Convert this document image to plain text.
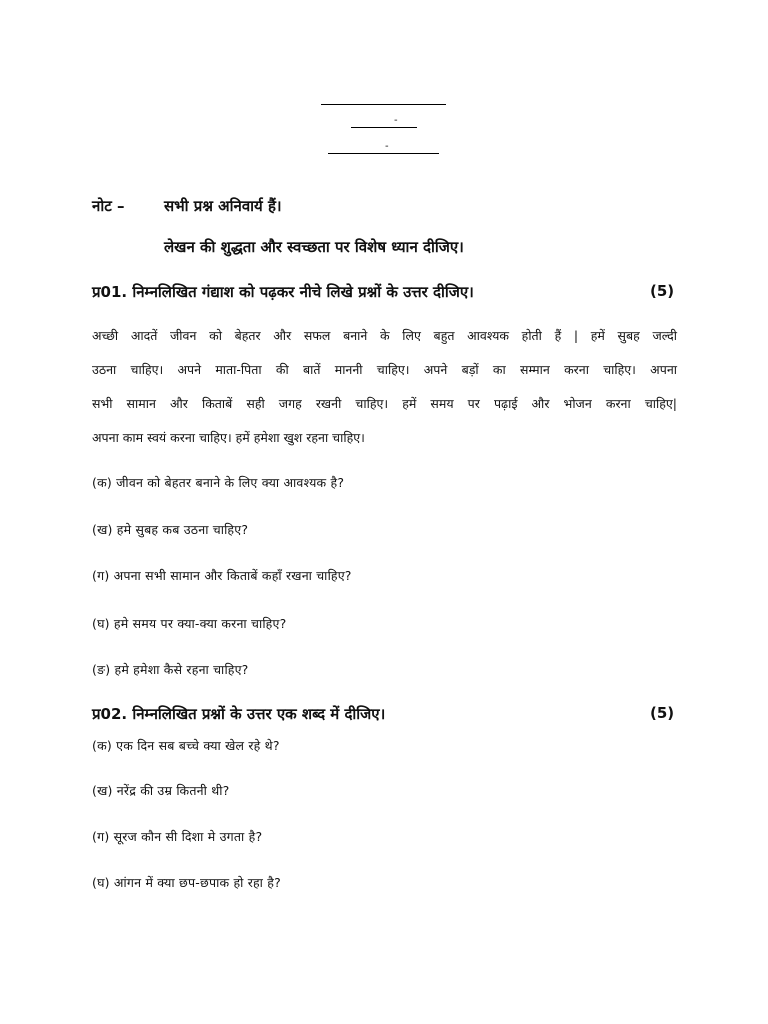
-
-
नोट –	सभी प्रश्न अनिवार्य हैं।
लेखन की शुद्धता और स्वच्छता पर विशेष ध्यान दीजिए।
प्र01. निम्नलिखित गंद्याश को पढ़कर नीचे लिखे प्रश्नों के उत्तर दीजिए।	(5)
अच्छी आदतें जीवन को बेहतर और सफल बनाने के लिए बहुत आवश्यक होती हैं | हमें सुबह जल्दी
उठना चाहिए। अपने माता-पिता की बातें माननी चाहिए। अपने बड़ों का सम्मान करना चाहिए। अपना
सभी सामान और किताबें सही जगह रखनी चाहिए। हमें समय पर पढ़ाई और भोजन करना चाहिए|
अपना काम स्वयं करना चाहिए। हमें हमेशा खुश रहना चाहिए।
(क) जीवन को बेहतर बनाने के लिए क्या आवश्यक है?
(ख) हमे सुबह कब उठना चाहिए?
(ग) अपना सभी सामान और किताबें कहाँ रखना चाहिए?
(घ) हमे समय पर क्या-क्या करना चाहिए?
(ङ) हमे हमेशा कैसे रहना चाहिए?
प्र02. निम्नलिखित प्रश्नों के उत्तर एक शब्द में दीजिए।	(5)
(क) एक दिन सब बच्चे क्या खेल रहे थे?
(ख) नरेंद्र की उम्र कितनी थी?
(ग) सूरज कौन सी दिशा मे उगता है?
(घ) आंगन में क्या छप-छपाक हो रहा है?
